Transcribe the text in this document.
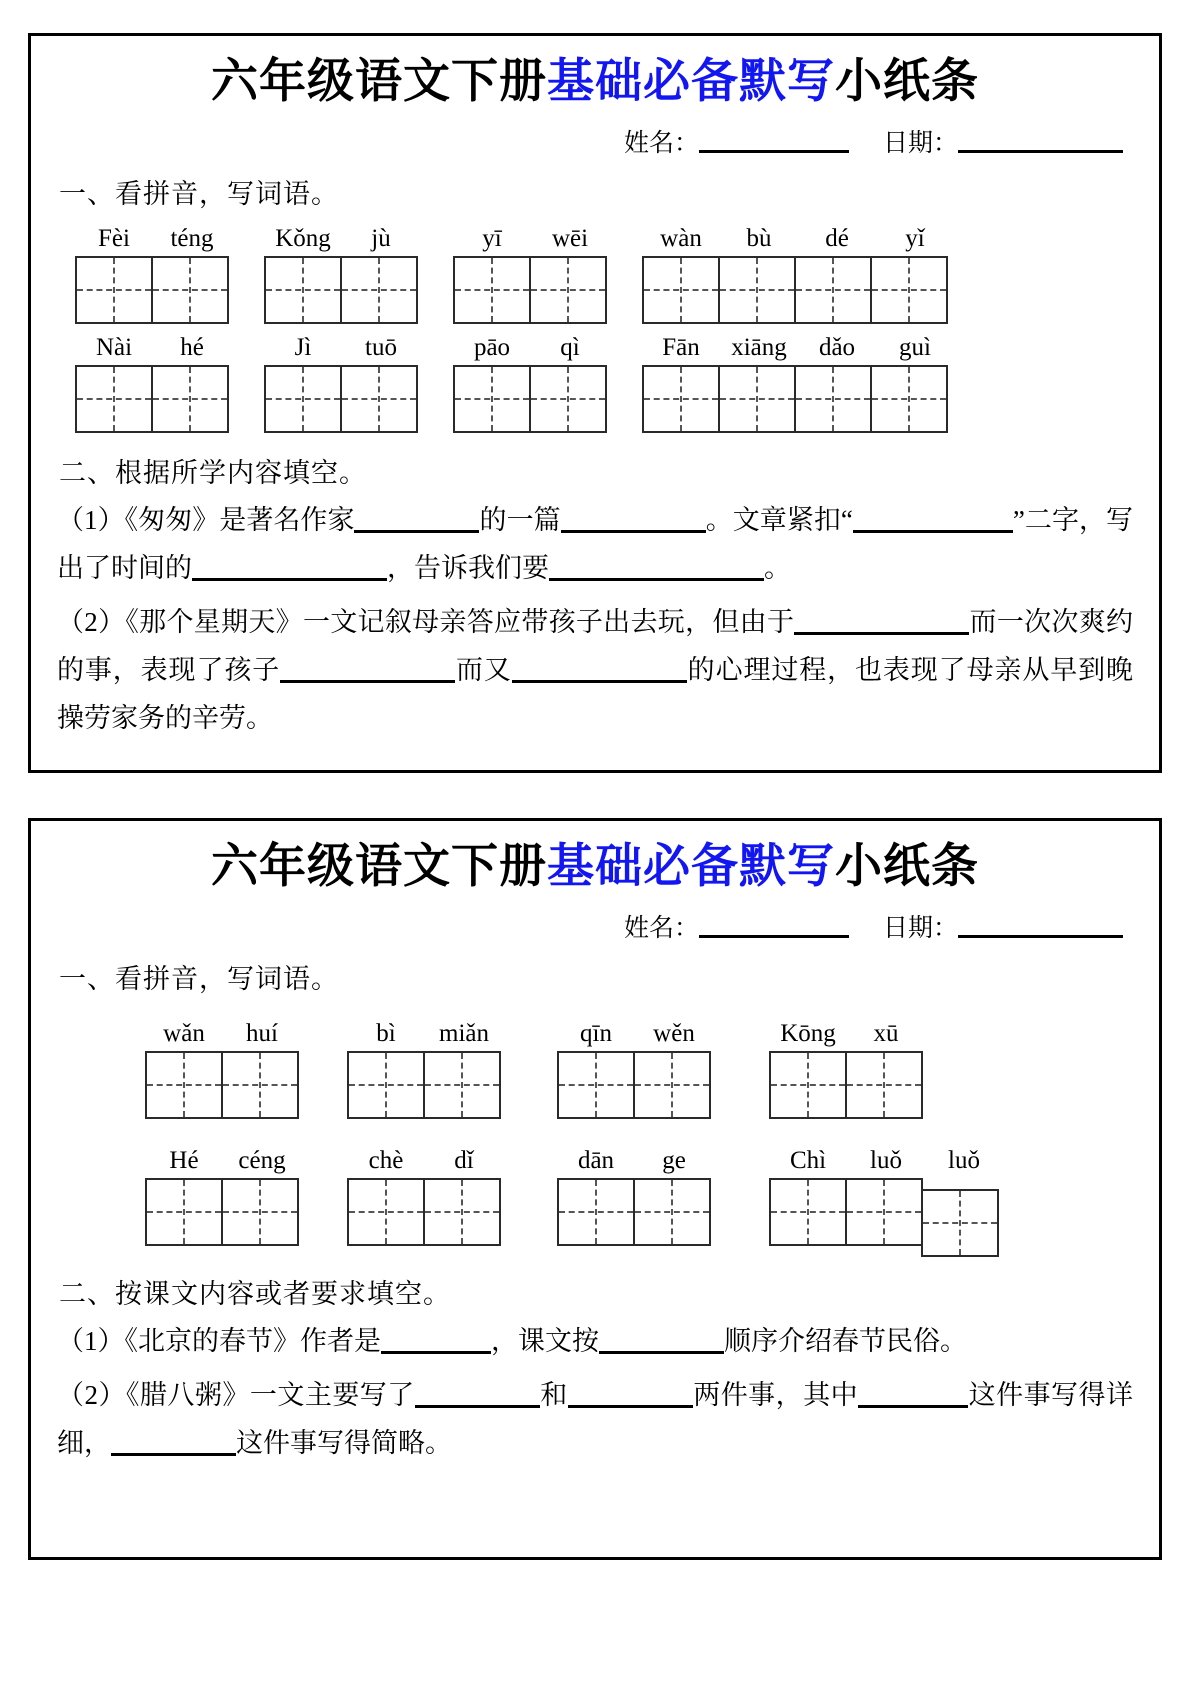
六年级语文下册基础必备默写小纸条
姓名：	日期：
一、看拼音，写词语。
Fèi	téng	Kǒng	jù	yī	wēi	wàn	bù	dé	yǐ
Nài	hé	Jì	tuō	pāo	qì	Fān	xiāng	dǎo	guì
二、根据所学内容填空。
（1）《匆匆》是著名作家	的一篇	。文章紧扣“	”二字，写出了时间的	，告诉我们要	。
（2）《那个星期天》一文记叙母亲答应带孩子出去玩，但由于	而一次次爽约的事，表现了孩子	而又	的心理过程，也表现了母亲从早到晚操劳家务的辛劳。
六年级语文下册基础必备默写小纸条
姓名：	日期：
一、看拼音，写词语。
wǎn	huí	bì	miǎn	qīn	wěn	Kōng	xū
Hé	céng	chè	dǐ	dān	ge	Chì	luǒ	luǒ
二、按课文内容或者要求填空。
（1）《北京的春节》作者是	，课文按	顺序介绍春节民俗。
（2）《腊八粥》一文主要写了	和	两件事，其中	这件事写得详细，	这件事写得简略。
